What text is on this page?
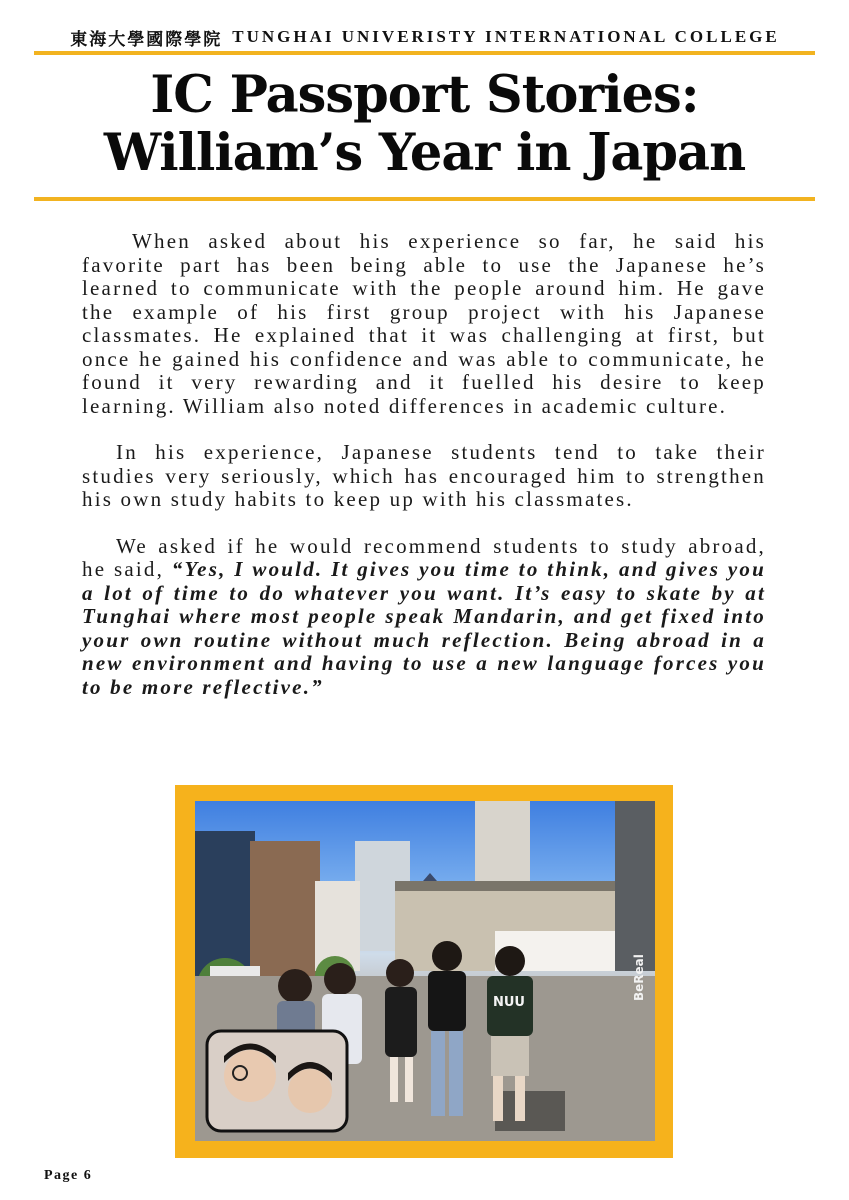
東海大學國際學院 TUNGHAI UNIVERISTY INTERNATIONAL COLLEGE
IC Passport Stories:
William’s Year in Japan

When asked about his experience so far, he said his favorite part has been being able to use the Japanese he’s learned to communicate with the people around him. He gave the example of his first group project with his Japanese classmates. He explained that it was challenging at first, but once he gained his confidence and was able to communicate, he found it very rewarding and it fuelled his desire to keep learning. William also noted differences in academic culture.

In his experience, Japanese students tend to take their studies very seriously, which has encouraged him to strengthen his own study habits to keep up with his classmates.

We asked if he would recommend students to study abroad, he said, “Yes, I would. It gives you time to think, and gives you a lot of time to do whatever you want. It’s easy to skate by at Tunghai where most people speak Mandarin, and get fixed into your own routine without much reflection. Being abroad in a new environment and having to use a new language forces you to be more reflective.”

NUU
BeReal
Page 6
